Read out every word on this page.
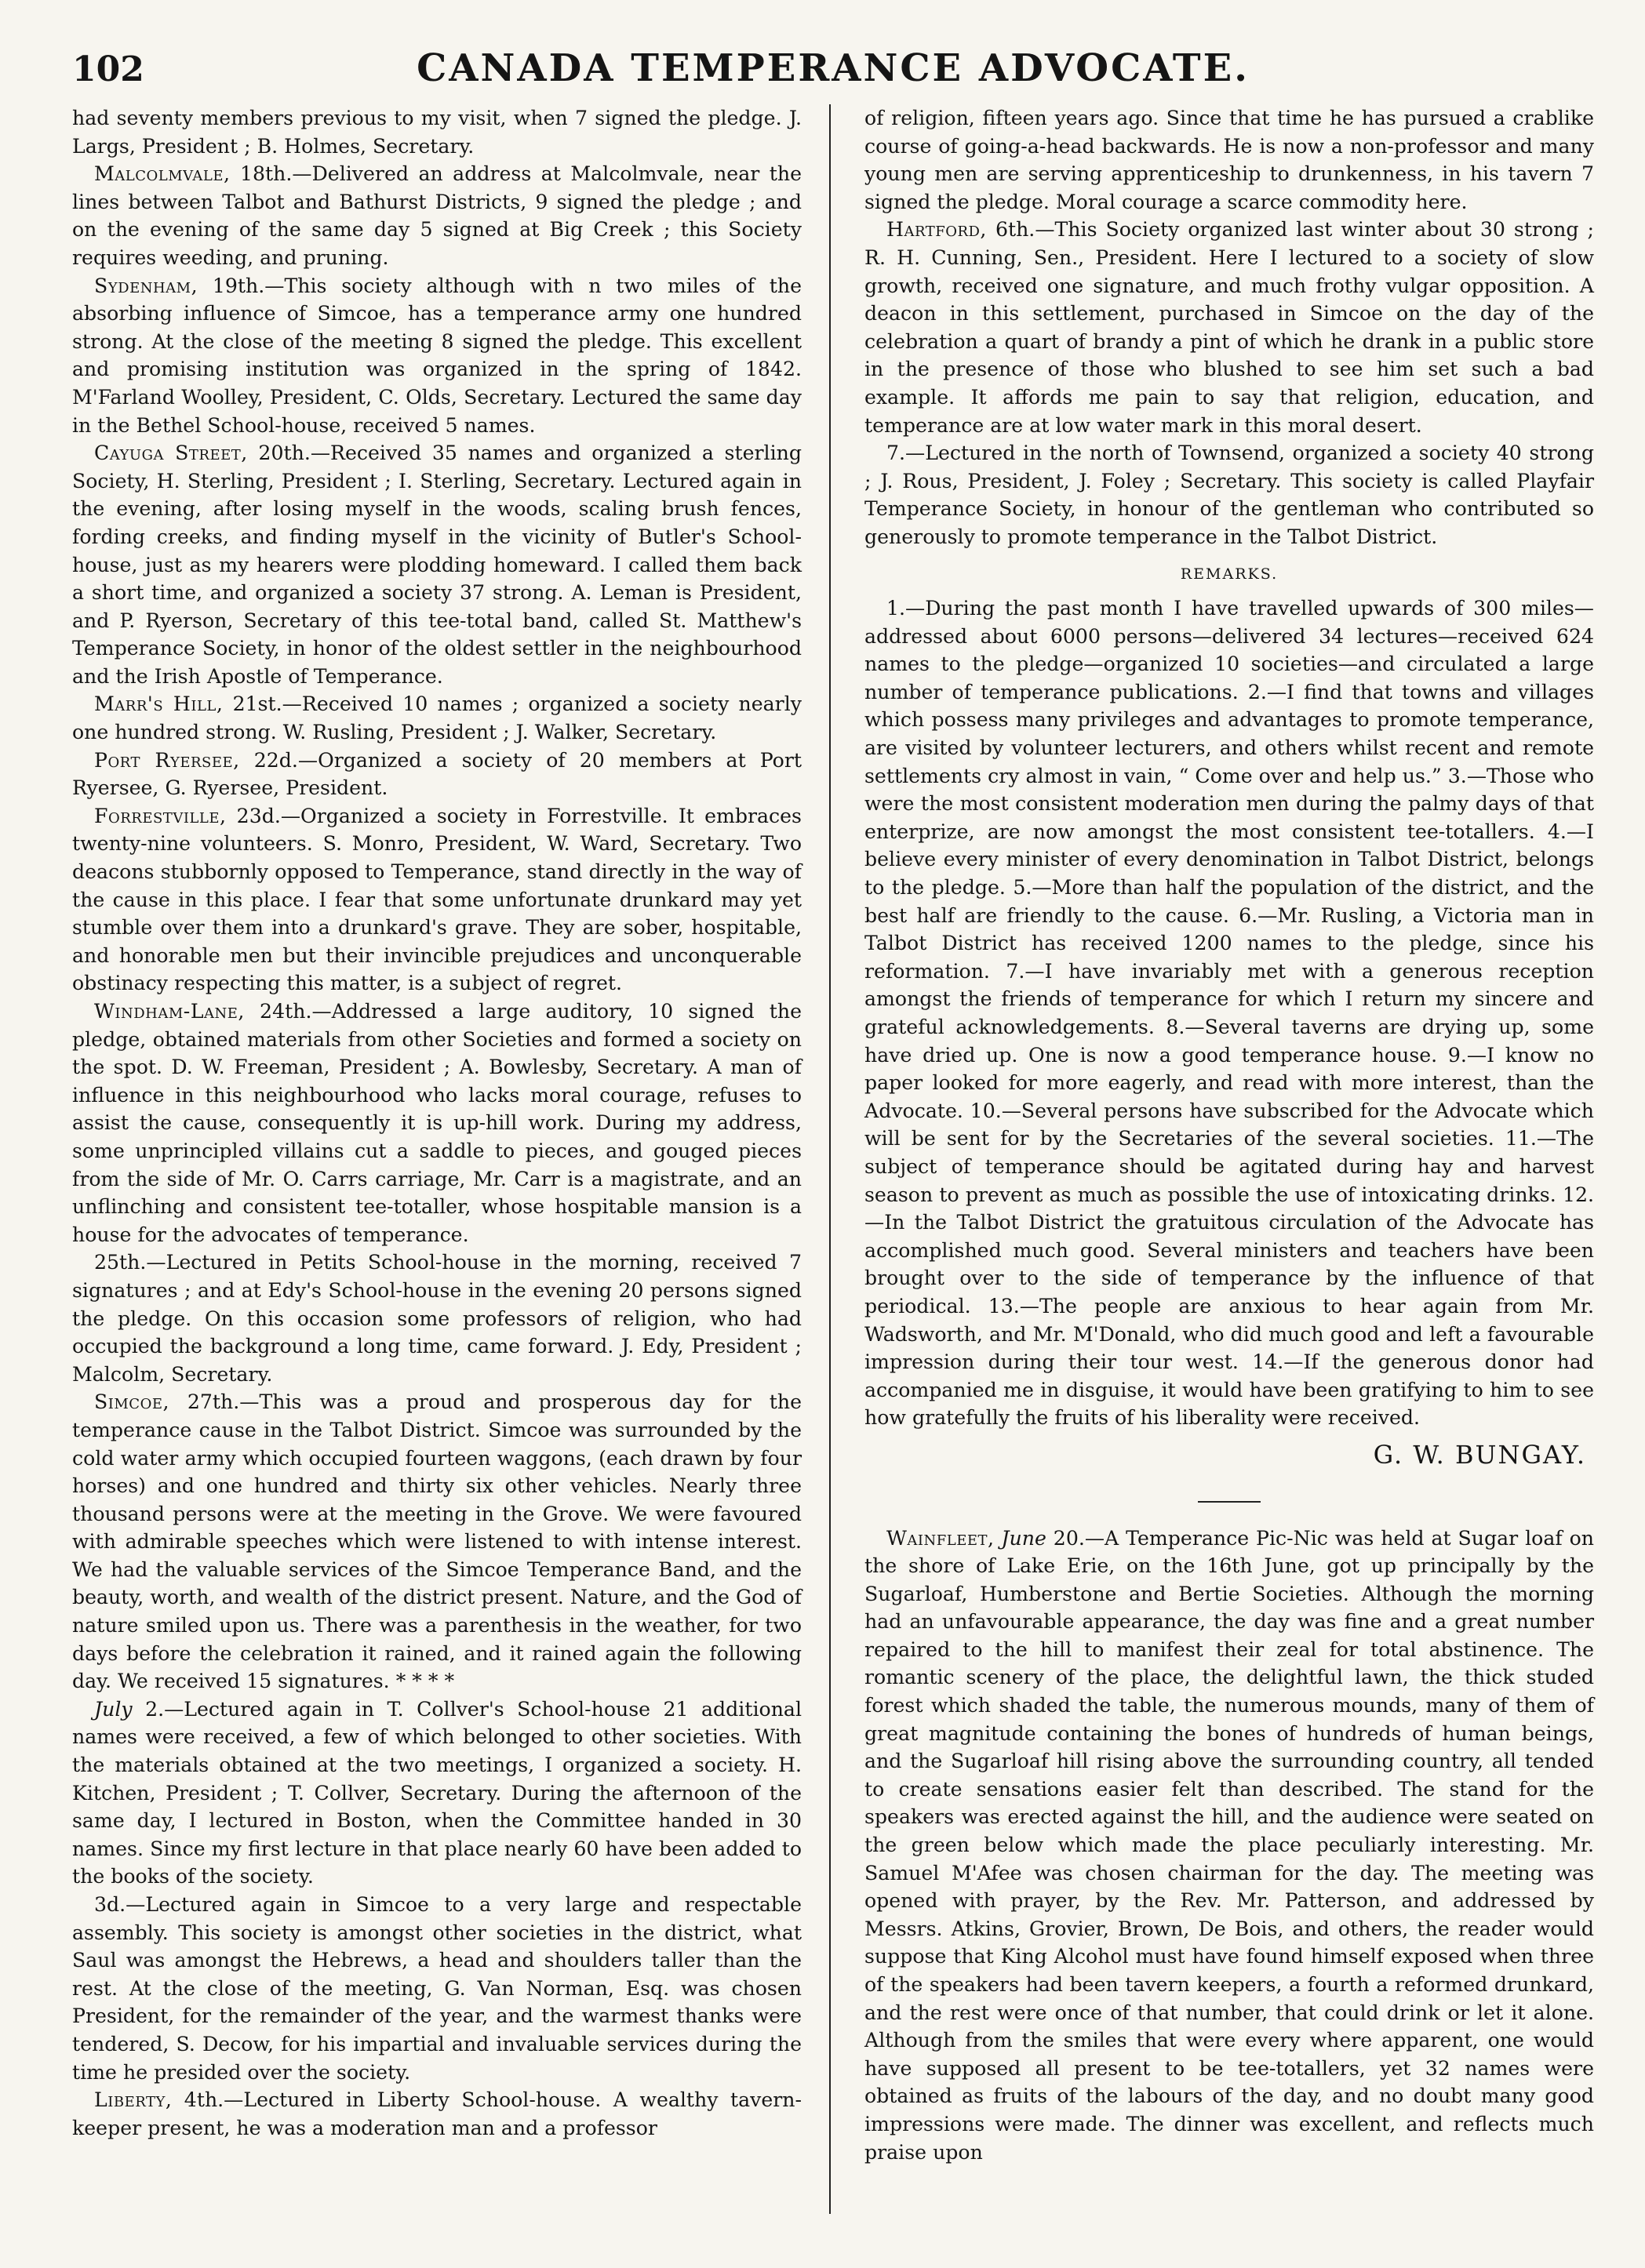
102	CANADA TEMPERANCE ADVOCATE.

had seventy members previous to my visit, when 7 signed the pledge. J. Largs, President ; B. Holmes, Secretary.

Malcolmvale, 18th.—Delivered an address at Malcolmvale, near the lines between Talbot and Bathurst Districts, 9 signed the pledge ; and on the evening of the same day 5 signed at Big Creek ; this Society requires weeding, and pruning.

Sydenham, 19th.—This society although with n two miles of the absorbing influence of Simcoe, has a temperance army one hundred strong. At the close of the meeting 8 signed the pledge. This excellent and promising institution was organized in the spring of 1842. M'Farland Woolley, President, C. Olds, Secretary. Lectured the same day in the Bethel School-house, received 5 names.

Cayuga Street, 20th.—Received 35 names and organized a sterling Society, H. Sterling, President ; I. Sterling, Secretary. Lectured again in the evening, after losing myself in the woods, scaling brush fences, fording creeks, and finding myself in the vicinity of Butler's School-house, just as my hearers were plodding homeward. I called them back a short time, and organized a society 37 strong. A. Leman is President, and P. Ryerson, Secretary of this tee-total band, called St. Matthew's Temperance Society, in honor of the oldest settler in the neighbourhood and the Irish Apostle of Temperance.

Marr's Hill, 21st.—Received 10 names ; organized a society nearly one hundred strong. W. Rusling, President ; J. Walker, Secretary.

Port Ryersee, 22d.—Organized a society of 20 members at Port Ryersee, G. Ryersee, President.

Forrestville, 23d.—Organized a society in Forrestville. It embraces twenty-nine volunteers. S. Monro, President, W. Ward, Secretary. Two deacons stubbornly opposed to Temperance, stand directly in the way of the cause in this place. I fear that some unfortunate drunkard may yet stumble over them into a drunkard's grave. They are sober, hospitable, and honorable men but their invincible prejudices and unconquerable obstinacy respecting this matter, is a subject of regret.

Windham-Lane, 24th.—Addressed a large auditory, 10 signed the pledge, obtained materials from other Societies and formed a society on the spot. D. W. Freeman, President ; A. Bowlesby, Secretary. A man of influence in this neighbourhood who lacks moral courage, refuses to assist the cause, consequently it is up-hill work. During my address, some unprincipled villains cut a saddle to pieces, and gouged pieces from the side of Mr. O. Carrs carriage, Mr. Carr is a magistrate, and an unflinching and consistent tee-totaller, whose hospitable mansion is a house for the advocates of temperance.

25th.—Lectured in Petits School-house in the morning, received 7 signatures ; and at Edy's School-house in the evening 20 persons signed the pledge. On this occasion some professors of religion, who had occupied the background a long time, came forward. J. Edy, President ; Malcolm, Secretary.

Simcoe, 27th.—This was a proud and prosperous day for the temperance cause in the Talbot District. Simcoe was surrounded by the cold water army which occupied fourteen waggons, (each drawn by four horses) and one hundred and thirty six other vehicles. Nearly three thousand persons were at the meeting in the Grove. We were favoured with admirable speeches which were listened to with intense interest. We had the valuable services of the Simcoe Temperance Band, and the beauty, worth, and wealth of the district present. Nature, and the God of nature smiled upon us. There was a parenthesis in the weather, for two days before the celebration it rained, and it rained again the following day. We received 15 signatures. * * * *

July 2.—Lectured again in T. Collver's School-house 21 additional names were received, a few of which belonged to other societies. With the materials obtained at the two meetings, I organized a society. H. Kitchen, President ; T. Collver, Secretary. During the afternoon of the same day, I lectured in Boston, when the Committee handed in 30 names. Since my first lecture in that place nearly 60 have been added to the books of the society.

3d.—Lectured again in Simcoe to a very large and respectable assembly. This society is amongst other societies in the district, what Saul was amongst the Hebrews, a head and shoulders taller than the rest. At the close of the meeting, G. Van Norman, Esq. was chosen President, for the remainder of the year, and the warmest thanks were tendered, S. Decow, for his impartial and invaluable services during the time he presided over the society.

Liberty, 4th.—Lectured in Liberty School-house. A wealthy tavern-keeper present, he was a moderation man and a professor

of religion, fifteen years ago. Since that time he has pursued a crablike course of going-a-head backwards. He is now a non-professor and many young men are serving apprenticeship to drunkenness, in his tavern 7 signed the pledge. Moral courage a scarce commodity here.

Hartford, 6th.—This Society organized last winter about 30 strong ; R. H. Cunning, Sen., President. Here I lectured to a society of slow growth, received one signature, and much frothy vulgar opposition. A deacon in this settlement, purchased in Simcoe on the day of the celebration a quart of brandy a pint of which he drank in a public store in the presence of those who blushed to see him set such a bad example. It affords me pain to say that religion, education, and temperance are at low water mark in this moral desert.

7.—Lectured in the north of Townsend, organized a society 40 strong ; J. Rous, President, J. Foley ; Secretary. This society is called Playfair Temperance Society, in honour of the gentleman who contributed so generously to promote temperance in the Talbot District.

REMARKS.

1.—During the past month I have travelled upwards of 300 miles—addressed about 6000 persons—delivered 34 lectures—received 624 names to the pledge—organized 10 societies—and circulated a large number of temperance publications. 2.—I find that towns and villages which possess many privileges and advantages to promote temperance, are visited by volunteer lecturers, and others whilst recent and remote settlements cry almost in vain, “ Come over and help us.” 3.—Those who were the most consistent moderation men during the palmy days of that enterprize, are now amongst the most consistent tee-totallers. 4.—I believe every minister of every denomination in Talbot District, belongs to the pledge. 5.—More than half the population of the district, and the best half are friendly to the cause. 6.—Mr. Rusling, a Victoria man in Talbot District has received 1200 names to the pledge, since his reformation. 7.—I have invariably met with a generous reception amongst the friends of temperance for which I return my sincere and grateful acknowledgements. 8.—Several taverns are drying up, some have dried up. One is now a good temperance house. 9.—I know no paper looked for more eagerly, and read with more interest, than the Advocate. 10.—Several persons have subscribed for the Advocate which will be sent for by the Secretaries of the several societies. 11.—The subject of temperance should be agitated during hay and harvest season to prevent as much as possible the use of intoxicating drinks. 12.—In the Talbot District the gratuitous circulation of the Advocate has accomplished much good. Several ministers and teachers have been brought over to the side of temperance by the influence of that periodical. 13.—The people are anxious to hear again from Mr. Wadsworth, and Mr. M'Donald, who did much good and left a favourable impression during their tour west. 14.—If the generous donor had accompanied me in disguise, it would have been gratifying to him to see how gratefully the fruits of his liberality were received.

G. W. BUNGAY.

Wainfleet, June 20.—A Temperance Pic-Nic was held at Sugar loaf on the shore of Lake Erie, on the 16th June, got up principally by the Sugarloaf, Humberstone and Bertie Societies. Although the morning had an unfavourable appearance, the day was fine and a great number repaired to the hill to manifest their zeal for total abstinence. The romantic scenery of the place, the delightful lawn, the thick studed forest which shaded the table, the numerous mounds, many of them of great magnitude containing the bones of hundreds of human beings, and the Sugarloaf hill rising above the surrounding country, all tended to create sensations easier felt than described. The stand for the speakers was erected against the hill, and the audience were seated on the green below which made the place peculiarly interesting. Mr. Samuel M'Afee was chosen chairman for the day. The meeting was opened with prayer, by the Rev. Mr. Patterson, and addressed by Messrs. Atkins, Grovier, Brown, De Bois, and others, the reader would suppose that King Alcohol must have found himself exposed when three of the speakers had been tavern keepers, a fourth a reformed drunkard, and the rest were once of that number, that could drink or let it alone. Although from the smiles that were every where apparent, one would have supposed all present to be tee-totallers, yet 32 names were obtained as fruits of the labours of the day, and no doubt many good impressions were made. The dinner was excellent, and reflects much praise upon
